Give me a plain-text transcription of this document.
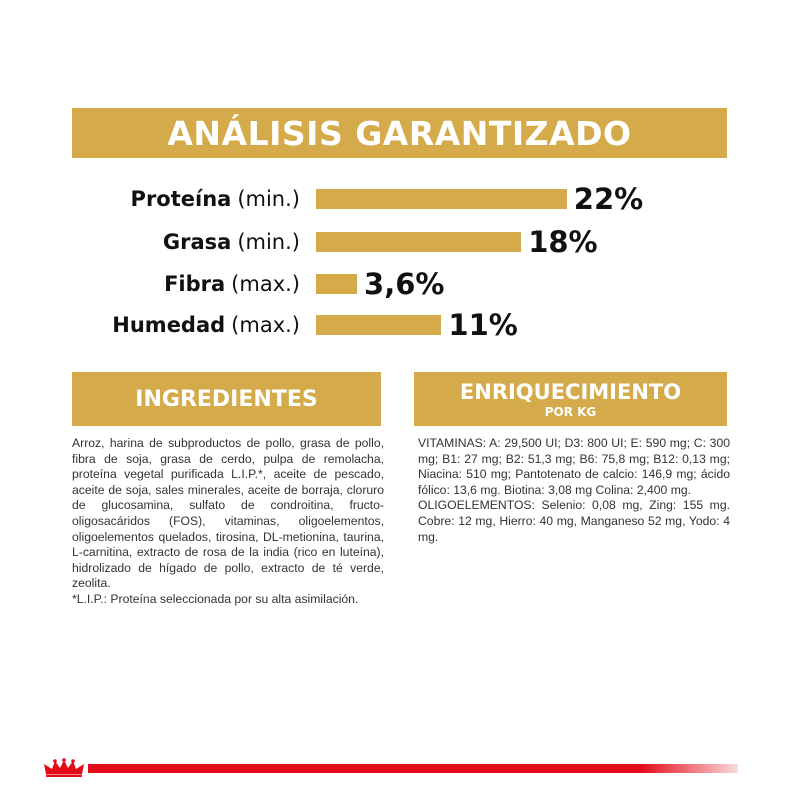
ANÁLISIS GARANTIZADO
Proteína (min.)	22%
Grasa (min.)	18%
Fibra (max.) 3,6%
Humedad (max.)	11%
INGREDIENTES	ENRIQUECIMIENTO
POR KG

Arroz, harina de subproductos de pollo, grasa de pollo, fibra de soja, grasa de cerdo, pulpa de remolacha, proteína vegetal purificada L.I.P.*, aceite de pescado, aceite de soja, sales minerales, aceite de borraja, cloruro de glucosamina, sulfato de condroitina, fructo-oligosacáridos (FOS), vitaminas, oligoelementos, oligoelementos quelados, tirosina, DL-metionina, taurina, L-carnitina, extracto de rosa de la india (rico en luteína), hidrolizado de hígado de pollo, extracto de té verde, zeolita.

*L.I.P.: Proteína seleccionada por su alta asimilación.

VITAMINAS: A: 29,500 UI; D3: 800 UI; E: 590 mg; C: 300 mg; B1: 27 mg; B2: 51,3 mg; B6: 75,8 mg; B12: 0,13 mg; Niacina: 510 mg; Pantotenato de calcio: 146,9 mg; ácido fólico: 13,6 mg. Biotina: 3,08 mg Colina: 2,400 mg.

OLIGOELEMENTOS: Selenio: 0,08 mg, Zing: 155 mg. Cobre: 12 mg, Hierro: 40 mg, Manganeso 52 mg, Yodo: 4 mg.
